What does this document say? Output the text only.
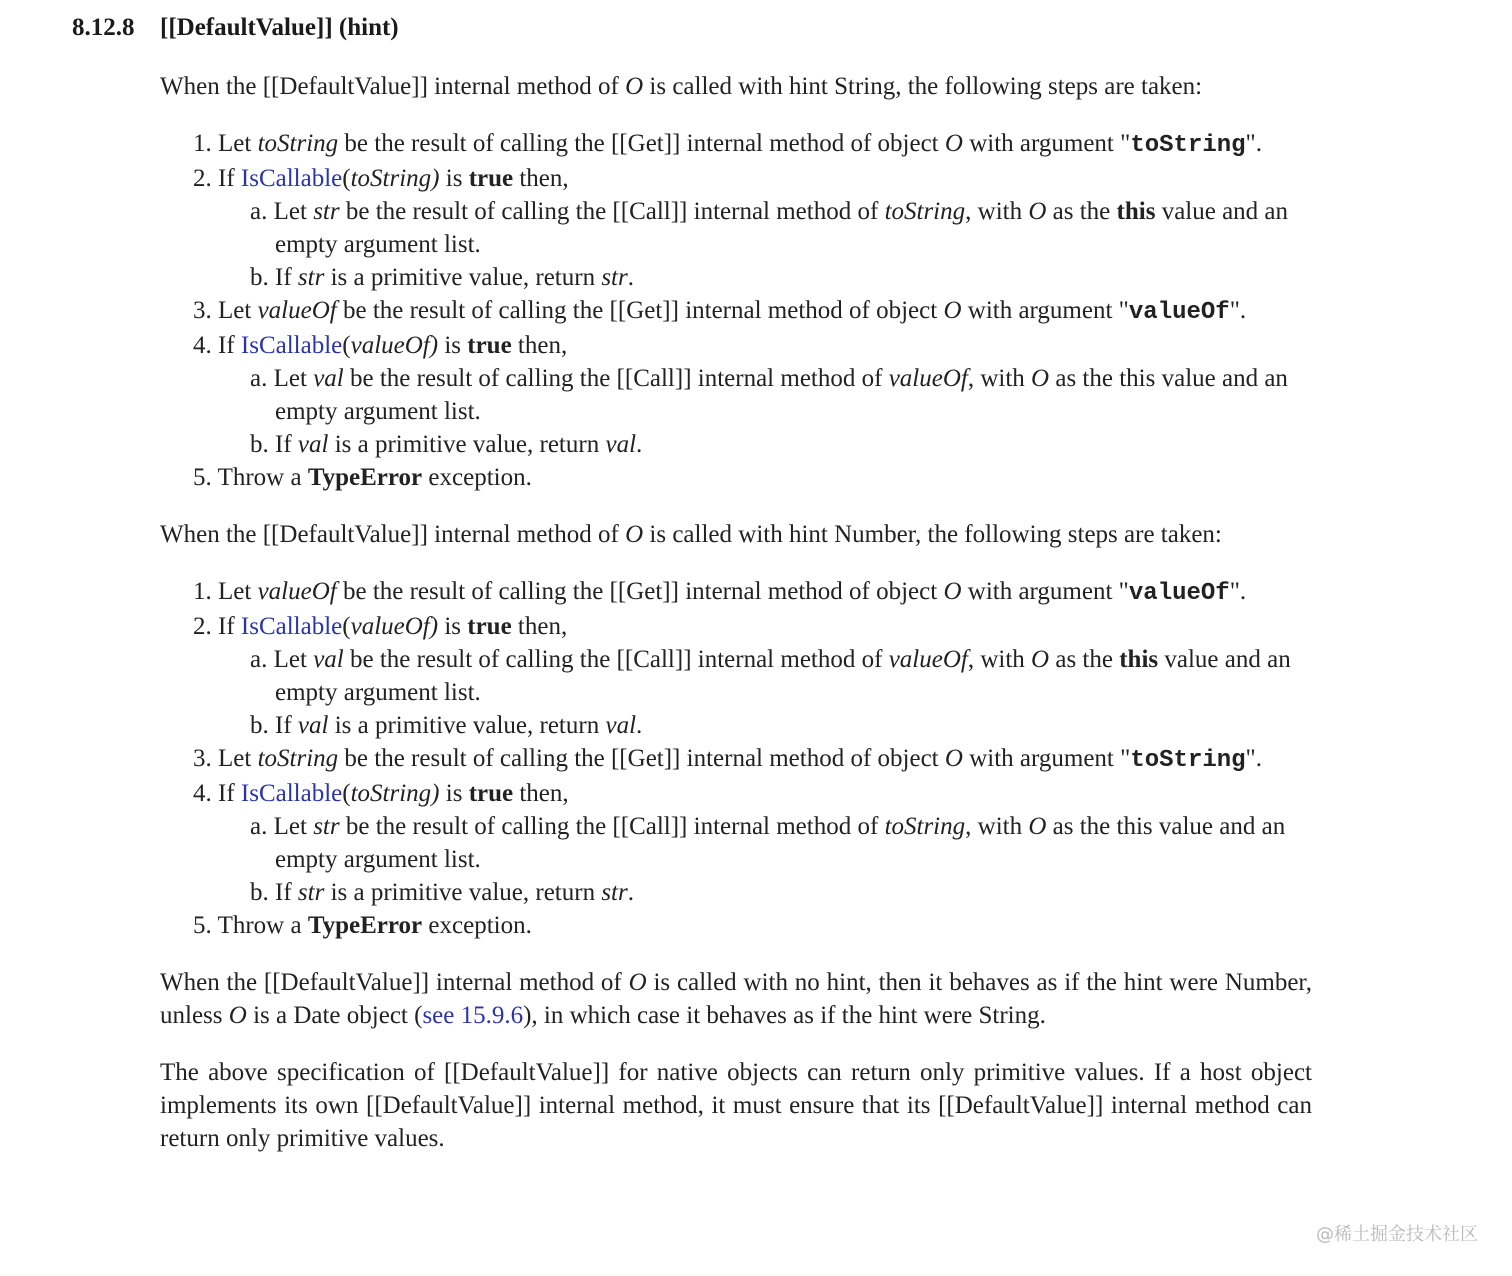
8.12.8 [[DefaultValue]] (hint)

When the [[DefaultValue]] internal method of O is called with hint String, the following steps are taken:

1. Let toString be the result of calling the [[Get]] internal method of object O with argument "toString".
2. If IsCallable(toString) is true then,
a. Let str be the result of calling the [[Call]] internal method of toString, with O as the this value and an empty argument list.
b. If str is a primitive value, return str.
3. Let valueOf be the result of calling the [[Get]] internal method of object O with argument "valueOf".
4. If IsCallable(valueOf) is true then,
a. Let val be the result of calling the [[Call]] internal method of valueOf, with O as the this value and an empty argument list.
b. If val is a primitive value, return val.
5. Throw a TypeError exception.

When the [[DefaultValue]] internal method of O is called with hint Number, the following steps are taken:

1. Let valueOf be the result of calling the [[Get]] internal method of object O with argument "valueOf".
2. If IsCallable(valueOf) is true then,
a. Let val be the result of calling the [[Call]] internal method of valueOf, with O as the this value and an empty argument list.
b. If val is a primitive value, return val.
3. Let toString be the result of calling the [[Get]] internal method of object O with argument "toString".
4. If IsCallable(toString) is true then,
a. Let str be the result of calling the [[Call]] internal method of toString, with O as the this value and an empty argument list.
b. If str is a primitive value, return str.
5. Throw a TypeError exception.

When the [[DefaultValue]] internal method of O is called with no hint, then it behaves as if the hint were Number, unless O is a Date object (see 15.9.6), in which case it behaves as if the hint were String.

The above specification of [[DefaultValue]] for native objects can return only primitive values. If a host object implements its own [[DefaultValue]] internal method, it must ensure that its [[DefaultValue]] internal method can return only primitive values.

@稀土掘金技术社区
